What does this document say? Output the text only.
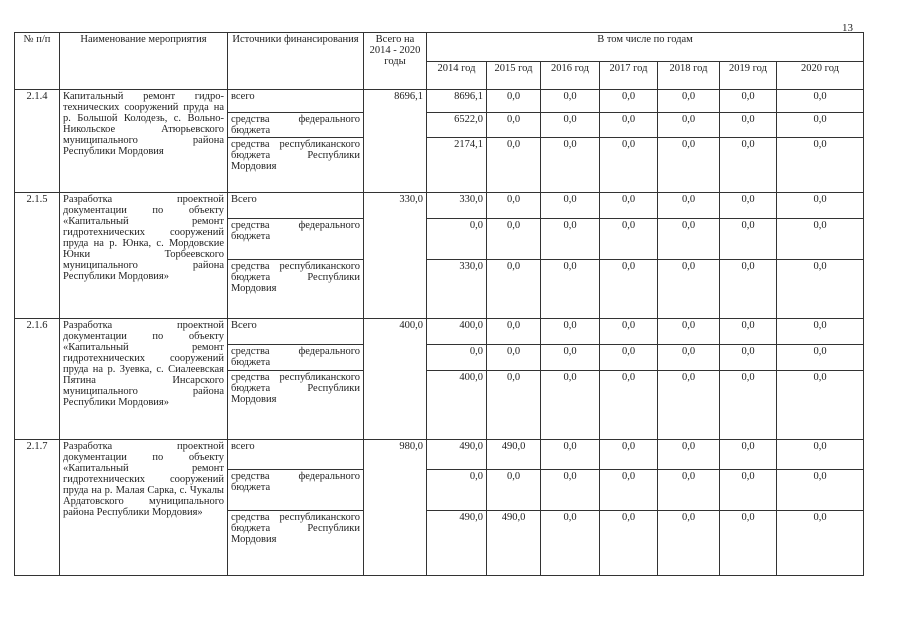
13
№ п/п	Наименование мероприятия	Источники финансирования	Всего на 2014 - 2020 годы	В том числе по годам						
				2014 год	2015 год	2016 год	2017 год	2018 год	2019 год	2020 год
2.1.4	Капитальный ремонт гидро-технических сооружений пруда на р. Большой Колодезь, с. Вольно-Никольское Атюрьевского муниципального района Республики Мордовия	всего	8696,1	8696,1	0,0	0,0	0,0	0,0	0,0	0,0
		средства федерального бюджета		6522,0	0,0	0,0	0,0	0,0	0,0	0,0
		средства республиканского бюджета Республики Мордовия		2174,1	0,0	0,0	0,0	0,0	0,0	0,0
2.1.5	Разработка проектной документации по объекту «Капитальный ремонт гидротехнических сооружений пруда на р. Юнка, с. Мордовские Юнки Торбеевского муниципального района Республики Мордовия»	Всего	330,0	330,0	0,0	0,0	0,0	0,0	0,0	0,0
		средства федерального бюджета		0,0	0,0	0,0	0,0	0,0	0,0	0,0
		средства республиканского бюджета Республики Мордовия		330,0	0,0	0,0	0,0	0,0	0,0	0,0
2.1.6	Разработка проектной документации по объекту «Капитальный ремонт гидротехнических сооружений пруда на р. Зуевка, с. Сиалеевская Пятина Инсарского муниципального района Республики Мордовия»	Всего	400,0	400,0	0,0	0,0	0,0	0,0	0,0	0,0
		средства федерального бюджета		0,0	0,0	0,0	0,0	0,0	0,0	0,0
		средства республиканского бюджета Республики Мордовия		400,0	0,0	0,0	0,0	0,0	0,0	0,0
2.1.7	Разработка проектной документации по объекту «Капитальный ремонт гидротехнических сооружений пруда на р. Малая Сарка, с. Чукалы Ардатовского муниципального района Республики Мордовия»	всего	980,0	490,0	490,0	0,0	0,0	0,0	0,0	0,0
		средства федерального бюджета		0,0	0,0	0,0	0,0	0,0	0,0	0,0
		средства республиканского бюджета Республики Мордовия		490,0	490,0	0,0	0,0	0,0	0,0	0,0
